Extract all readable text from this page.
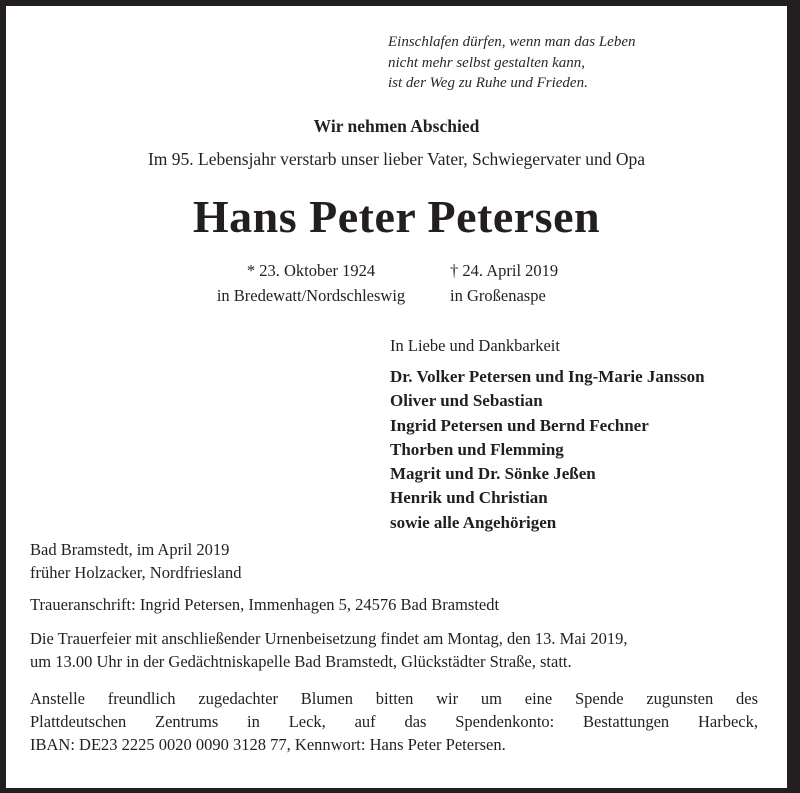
Einschlafen dürfen, wenn man das Leben
nicht mehr selbst gestalten kann,
ist der Weg zu Ruhe und Frieden.
Wir nehmen Abschied
Im 95. Lebensjahr verstarb unser lieber Vater, Schwiegervater und Opa
Hans Peter Petersen
* 23. Oktober 1924
in Bredewatt/Nordschleswig
† 24. April 2019
in Großenaspe
In Liebe und Dankbarkeit
Dr. Volker Petersen und Ing-Marie Jansson
Oliver und Sebastian
Ingrid Petersen und Bernd Fechner
Thorben und Flemming
Magrit und Dr. Sönke Jeßen
Henrik und Christian
sowie alle Angehörigen
Bad Bramstedt, im April 2019
früher Holzacker, Nordfriesland
Traueranschrift: Ingrid Petersen, Immenhagen 5, 24576 Bad Bramstedt
Die Trauerfeier mit anschließender Urnenbeisetzung findet am Montag, den 13. Mai 2019,
um 13.00 Uhr in der Gedächtniskapelle Bad Bramstedt, Glückstädter Straße, statt.
Anstelle freundlich zugedachter Blumen bitten wir um eine Spende zugunsten des
Plattdeutschen Zentrums in Leck, auf das Spendenkonto: Bestattungen Harbeck,
IBAN: DE23 2225 0020 0090 3128 77, Kennwort: Hans Peter Petersen.
